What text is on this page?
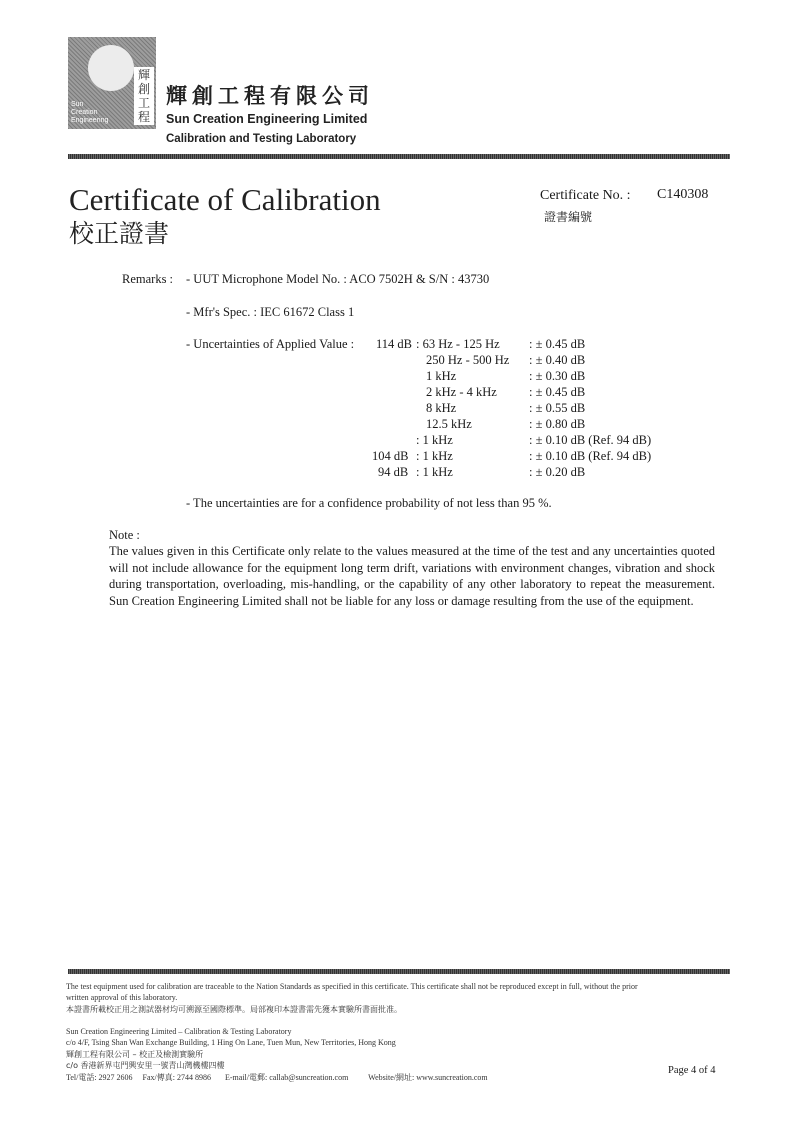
輝創工程
Sun
Creation
Engineering
輝創工程有限公司
Sun Creation Engineering Limited
Calibration and Testing Laboratory
Certificate of Calibration
校正證書
Certificate No. : C140308
證書編號
Remarks : - UUT Microphone Model No. : ACO 7502H & S/N : 43730
- Mfr's Spec. : IEC 61672 Class 1
- Uncertainties of Applied Value : 114 dB : 63 Hz - 125 Hz : ± 0.45 dB
250 Hz - 500 Hz : ± 0.40 dB
1 kHz	: ± 0.30 dB
2 kHz - 4 kHz	: ± 0.45 dB
8 kHz	: ± 0.55 dB
12.5 kHz	: ± 0.80 dB
: 1 kHz	: ± 0.10 dB (Ref. 94 dB)
104 dB : 1 kHz	: ± 0.10 dB (Ref. 94 dB)
94 dB : 1 kHz	: ± 0.20 dB
- The uncertainties are for a confidence probability of not less than 95 %.
Note :
The values given in this Certificate only relate to the values measured at the time of the test and any uncertainties quoted will not include allowance for the equipment long term drift, variations with environment changes, vibration and shock during transportation, overloading, mis-handling, or the capability of any other laboratory to repeat the measurement. Sun Creation Engineering Limited shall not be liable for any loss or damage resulting from the use of the equipment.
The test equipment used for calibration are traceable to the Nation Standards as specified in this certificate. This certificate shall not be reproduced except in full, without the prior
written approval of this laboratory.
本證書所載校正用之測試器材均可溯源至國際標準。局部複印本證書需先獲本實驗所書面批准。
Sun Creation Engineering Limited – Calibration & Testing Laboratory
c/o 4/F, Tsing Shan Wan Exchange Building, 1 Hing On Lane, Tuen Mun, New Territories, Hong Kong
輝創工程有限公司 – 校正及檢測實驗所
c/o 香港新界屯門興安里一號青山灣機樓四樓
Tel/電話: 2927 2606     Fax/傳真: 2744 8986       E-mail/電郵: callab@suncreation.com          Website/網址: www.suncreation.com
Page 4 of 4
